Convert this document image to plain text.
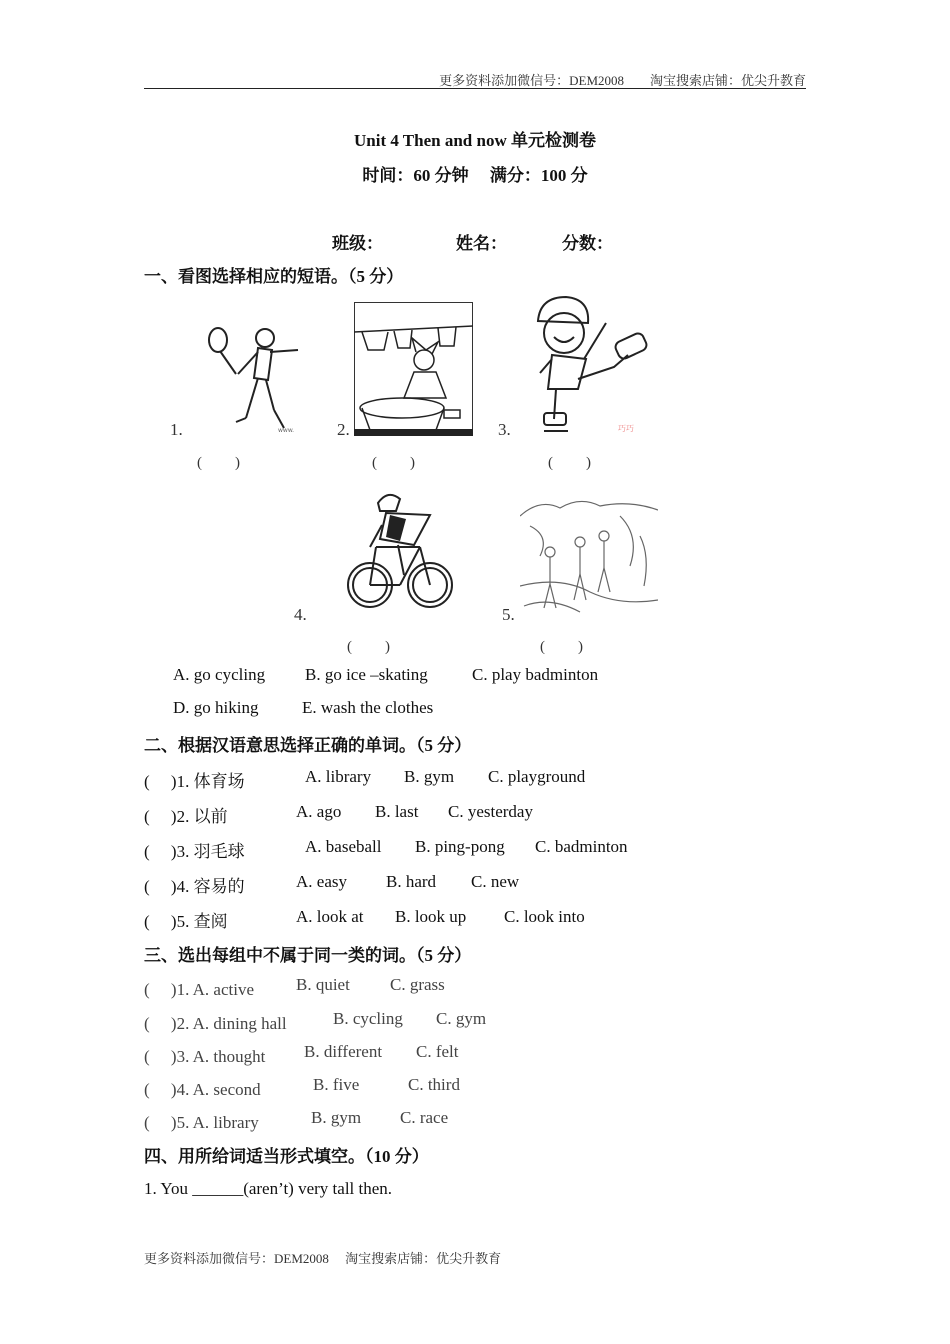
更多资料添加微信号：DEM2008　　淘宝搜索店铺：优尖升教育
Unit 4 Then and now 单元检测卷
时间：60 分钟　 满分：100 分
班级：	姓名：	分数：
一、看图选择相应的短语。（5 分）
www.
1.
(　　)
2.
(　　)
巧巧
3.
(　　)
4.
(　　)
5.
(　　)
A. go cycling B. go ice –skating	C. play badminton
D. go hiking	E. wash the clothes
二、根据汉语意思选择正确的单词。（5 分）
(　 )1. 体育场	A. library B. gym C. playground
(　 )2. 以前	A. ago B. last C. yesterday
(　 )3. 羽毛球	A. baseball B. ping-pong C. badminton
(　 )4. 容易的	A. easy B. hard C. new
(　 )5. 查阅	A. look at B. look up C. look into
三、选出每组中不属于同一类的词。（5 分）
(　 )1. A. active B. quiet C. grass
(　 )2. A. dining hall	B. cycling C. gym
(　 )3. A. thought B. different C. felt
(　 )4. A. second	B. five	C. third
(　 )5. A. library	B. gym C. race
四、用所给词适当形式填空。（10 分）
1. You ______(aren’t) very tall then.
更多资料添加微信号：DEM2008　 淘宝搜索店铺：优尖升教育
